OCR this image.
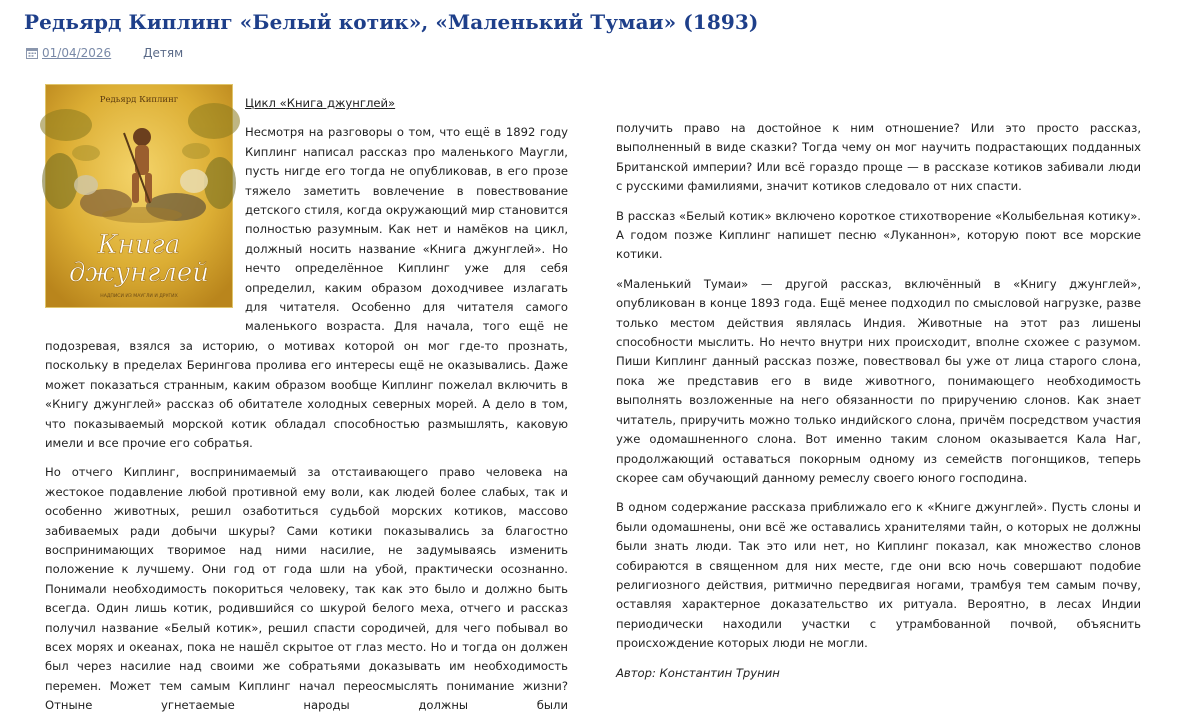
Редьярд Киплинг «Белый котик», «Маленький Тумаи» (1893)
01/04/2026	Детям
Редьярд Киплинг
Книга
джунглей
НАДПИСИ ИЗ МАУГЛИ И ДРУГИХ
Цикл «Книга джунглей»

Несмотря на разговоры о том, что ещё в 1892 году Киплинг написал рассказ про маленького Маугли, пусть нигде его тогда не опубликовав, в его прозе тяжело заметить вовлечение в повествование детского стиля, когда окружающий мир становится полностью разумным. Как нет и намёков на цикл, должный носить название «Книга джунглей». Но нечто определённое Киплинг уже для себя определил, каким образом доходчивее излагать для читателя. Особенно для читателя самого маленького возраста. Для начала, того ещё не подозревая, взялся за историю, о мотивах которой он мог где-то прознать, поскольку в пределах Берингова пролива его интересы ещё не оказывались. Даже может показаться странным, каким образом вообще Киплинг пожелал включить в «Книгу джунглей» рассказ об обитателе холодных северных морей. А дело в том, что показываемый морской котик обладал способностью размышлять, каковую имели и все прочие его собратья.

Но отчего Киплинг, воспринимаемый за отстаивающего право человека на жестокое подавление любой противной ему воли, как людей более слабых, так и особенно животных, решил озаботиться судьбой морских котиков, массово забиваемых ради добычи шкуры? Сами котики показывались за благостно воспринимающих творимое над ними насилие, не задумываясь изменить положение к лучшему. Они год от года шли на убой, практически осознанно. Понимали необходимость покориться человеку, так как это было и должно быть всегда. Один лишь котик, родившийся со шкурой белого меха, отчего и рассказ получил название «Белый котик», решил спасти сородичей, для чего побывал во всех морях и океанах, пока не нашёл скрытое от глаз место. Но и тогда он должен был через насилие над своими же собратьями доказывать им необходимость перемен. Может тем самым Киплинг начал переосмыслять понимание жизни? Отныне угнетаемые народы должны были

получить право на достойное к ним отношение? Или это просто рассказ, выполненный в виде сказки? Тогда чему он мог научить подрастающих подданных Британской империи? Или всё гораздо проще — в рассказе котиков забивали люди с русскими фамилиями, значит котиков следовало от них спасти.

В рассказ «Белый котик» включено короткое стихотворение «Колыбельная котику». А годом позже Киплинг напишет песню «Луканнон», которую поют все морские котики.

«Маленький Тумаи» — другой рассказ, включённый в «Книгу джунглей», опубликован в конце 1893 года. Ещё менее подходил по смысловой нагрузке, разве только местом действия являлась Индия. Животные на этот раз лишены способности мыслить. Но нечто внутри них происходит, вполне схожее с разумом. Пиши Киплинг данный рассказ позже, повествовал бы уже от лица старого слона, пока же представив его в виде животного, понимающего необходимость выполнять возложенные на него обязанности по приручению слонов. Как знает читатель, приручить можно только индийского слона, причём посредством участия уже одомашненного слона. Вот именно таким слоном оказывается Кала Наг, продолжающий оставаться покорным одному из семейств погонщиков, теперь скорее сам обучающий данному ремеслу своего юного господина.

В одном содержание рассказа приближало его к «Книге джунглей». Пусть слоны и были одомашнены, они всё же оставались хранителями тайн, о которых не должны были знать люди. Так это или нет, но Киплинг показал, как множество слонов собираются в священном для них месте, где они всю ночь совершают подобие религиозного действия, ритмично передвигая ногами, трамбуя тем самым почву, оставляя характерное доказательство их ритуала. Вероятно, в лесах Индии периодически находили участки с утрамбованной почвой, объяснить происхождение которых люди не могли.

Автор: Константин Трунин
